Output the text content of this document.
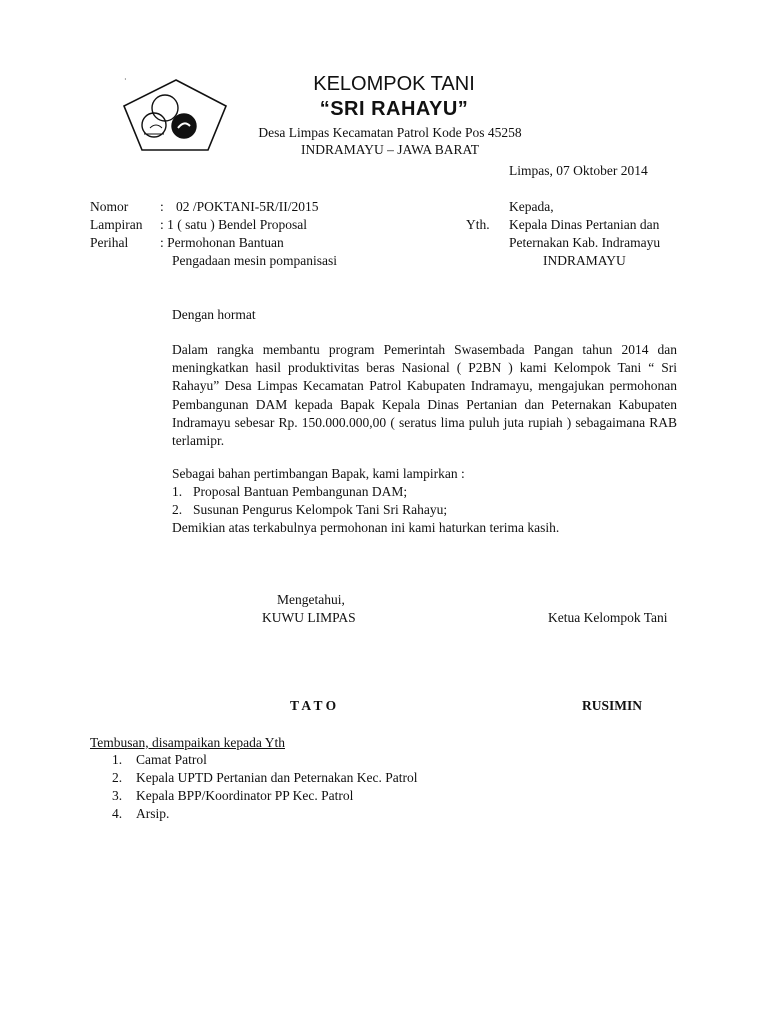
·	KELOMPOK TANI
“SRI RAHAYU”
Desa Limpas Kecamatan Patrol Kode Pos 45258
INDRAMAYU – JAWA BARAT
Limpas, 07 Oktober 2014
Nomor : 02 /POKTANI-5R/II/2015
Lampiran : 1 ( satu ) Bendel Proposal
Perihal : Permohonan Bantuan
Pengadaan mesin pompanisasi
Kepada,
Yth. Kepala Dinas Pertanian dan
Peternakan Kab. Indramayu
INDRAMAYU
Dengan hormat
Dalam rangka membantu program Pemerintah Swasembada Pangan tahun 2014 dan meningkatkan hasil produktivitas beras Nasional ( P2BN ) kami Kelompok Tani “ Sri Rahayu” Desa Limpas Kecamatan Patrol Kabupaten Indramayu, mengajukan permohonan Pembangunan DAM kepada Bapak Kepala Dinas Pertanian dan Peternakan Kabupaten Indramayu sebesar Rp. 150.000.000,00 ( seratus lima puluh juta rupiah ) sebagaimana RAB terlamipr.
Sebagai bahan pertimbangan Bapak, kami lampirkan :
1. Proposal Bantuan Pembangunan DAM;
2. Susunan Pengurus Kelompok Tani Sri Rahayu;
Demikian atas terkabulnya permohonan ini kami haturkan terima kasih.
Mengetahui,
KUWU LIMPAS	Ketua Kelompok Tani
T A T O	RUSIMIN
Tembusan, disampaikan kepada Yth
1. Camat Patrol
2. Kepala UPTD Pertanian dan Peternakan Kec. Patrol
3. Kepala BPP/Koordinator PP Kec. Patrol
4. Arsip.
